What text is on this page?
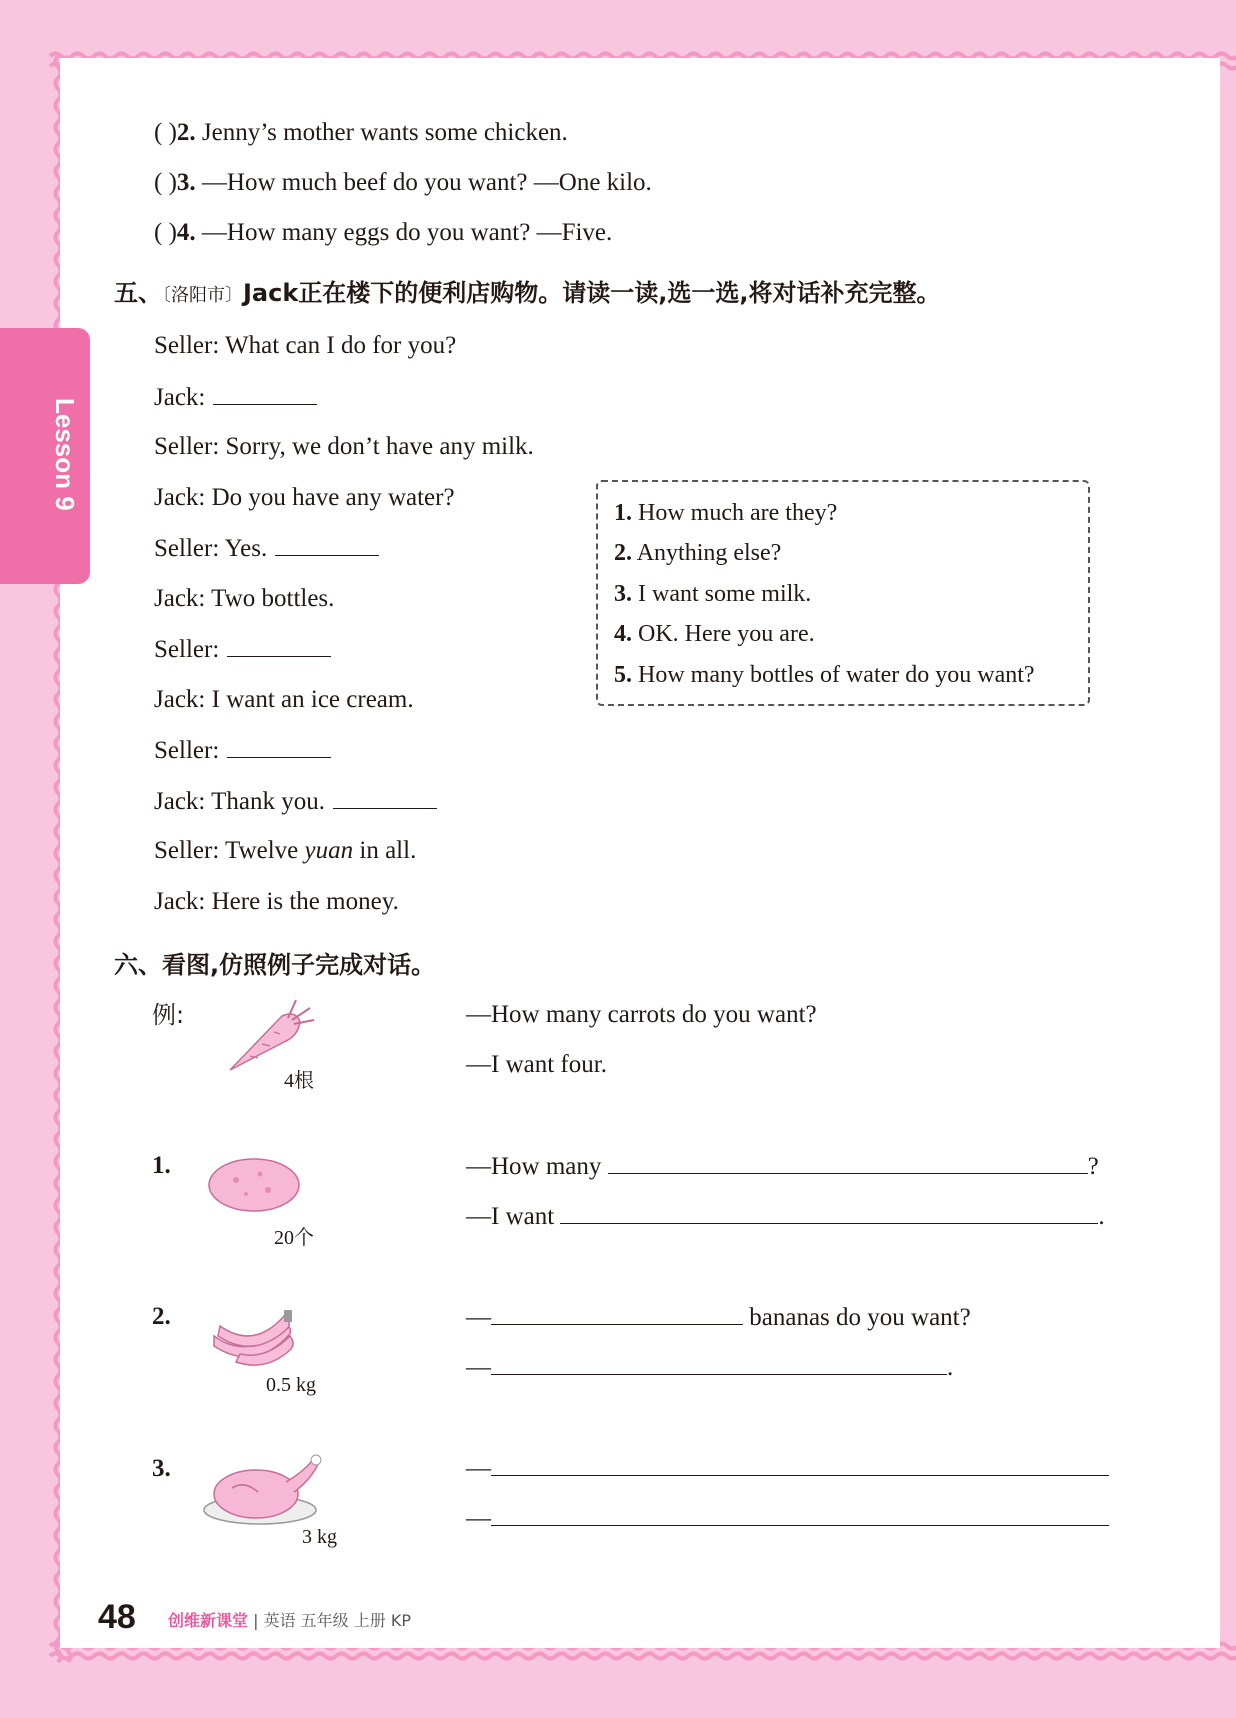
( )2. Jenny’s mother wants some chicken.
( )3. —How much beef do you want? —One kilo.
( )4. —How many eggs do you want? —Five.
五、〔洛阳市〕Jack正在楼下的便利店购物。请读一读,选一选,将对话补充完整。
Seller: What can I do for you?
Jack:
Seller: Sorry, we don’t have any milk.
Jack: Do you have any water?
Seller: Yes.
Jack: Two bottles.
Seller:
Jack: I want an ice cream.
Seller:
Jack: Thank you.
Seller: Twelve yuan in all.
Jack: Here is the money.
1. How much are they?
2. Anything else?
3. I want some milk.
4. OK. Here you are.
5. How many bottles of water do you want?
六、看图,仿照例子完成对话。
例:
4根
—How many carrots do you want?
—I want four.
1.
20个
—How many	?
—I want	.
2.
0.5 kg
—	bananas do you want?
—	.
3.
3 kg
—
—
48 创维新课堂 | 英语 五年级 上册 KP
